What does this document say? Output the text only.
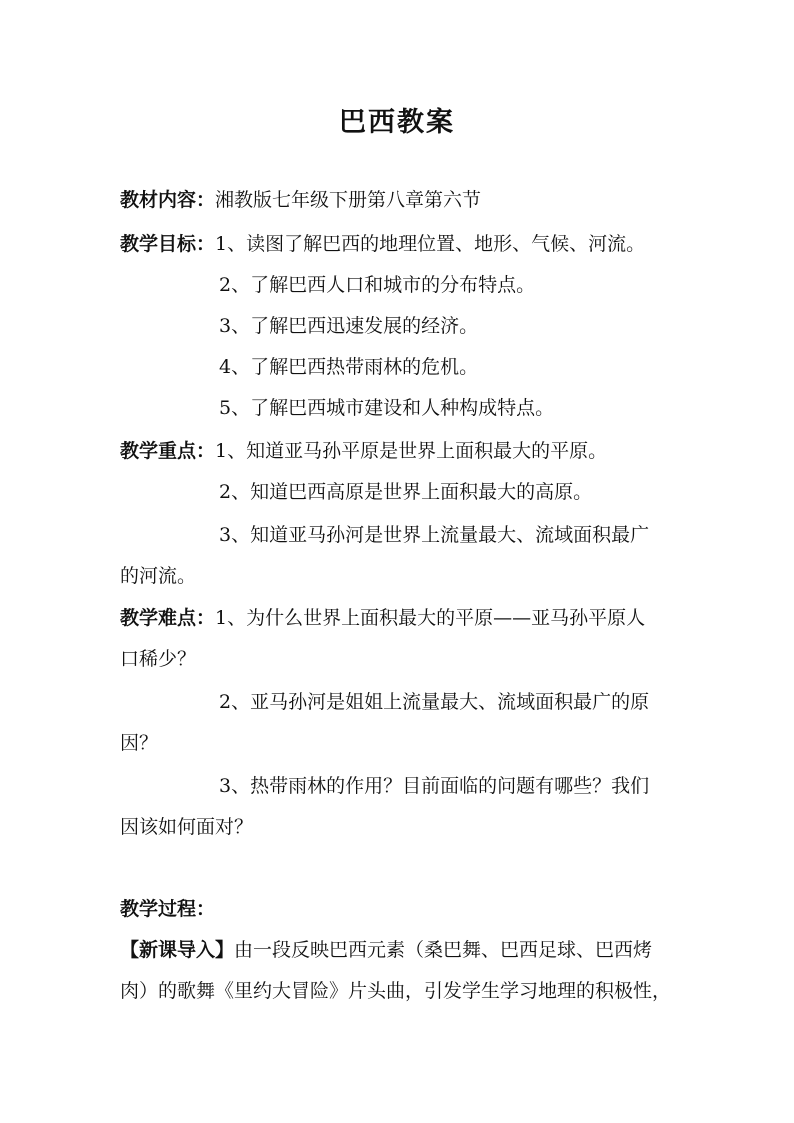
巴西教案
教材内容：湘教版七年级下册第八章第六节
教学目标：1、读图了解巴西的地理位置、地形、气候、河流。
2、了解巴西人口和城市的分布特点。
3、了解巴西迅速发展的经济。
4、了解巴西热带雨林的危机。
5、了解巴西城市建设和人种构成特点。
教学重点：1、知道亚马孙平原是世界上面积最大的平原。
2、知道巴西高原是世界上面积最大的高原。
3、知道亚马孙河是世界上流量最大、流域面积最广
的河流。
教学难点：1、为什么世界上面积最大的平原——亚马孙平原人
口稀少？
2、亚马孙河是姐姐上流量最大、流域面积最广的原
因？
3、热带雨林的作用？目前面临的问题有哪些？我们
因该如何面对？
教学过程：
【新课导入】由一段反映巴西元素（桑巴舞、巴西足球、巴西烤
肉）的歌舞《里约大冒险》片头曲，引发学生学习地理的积极性，
